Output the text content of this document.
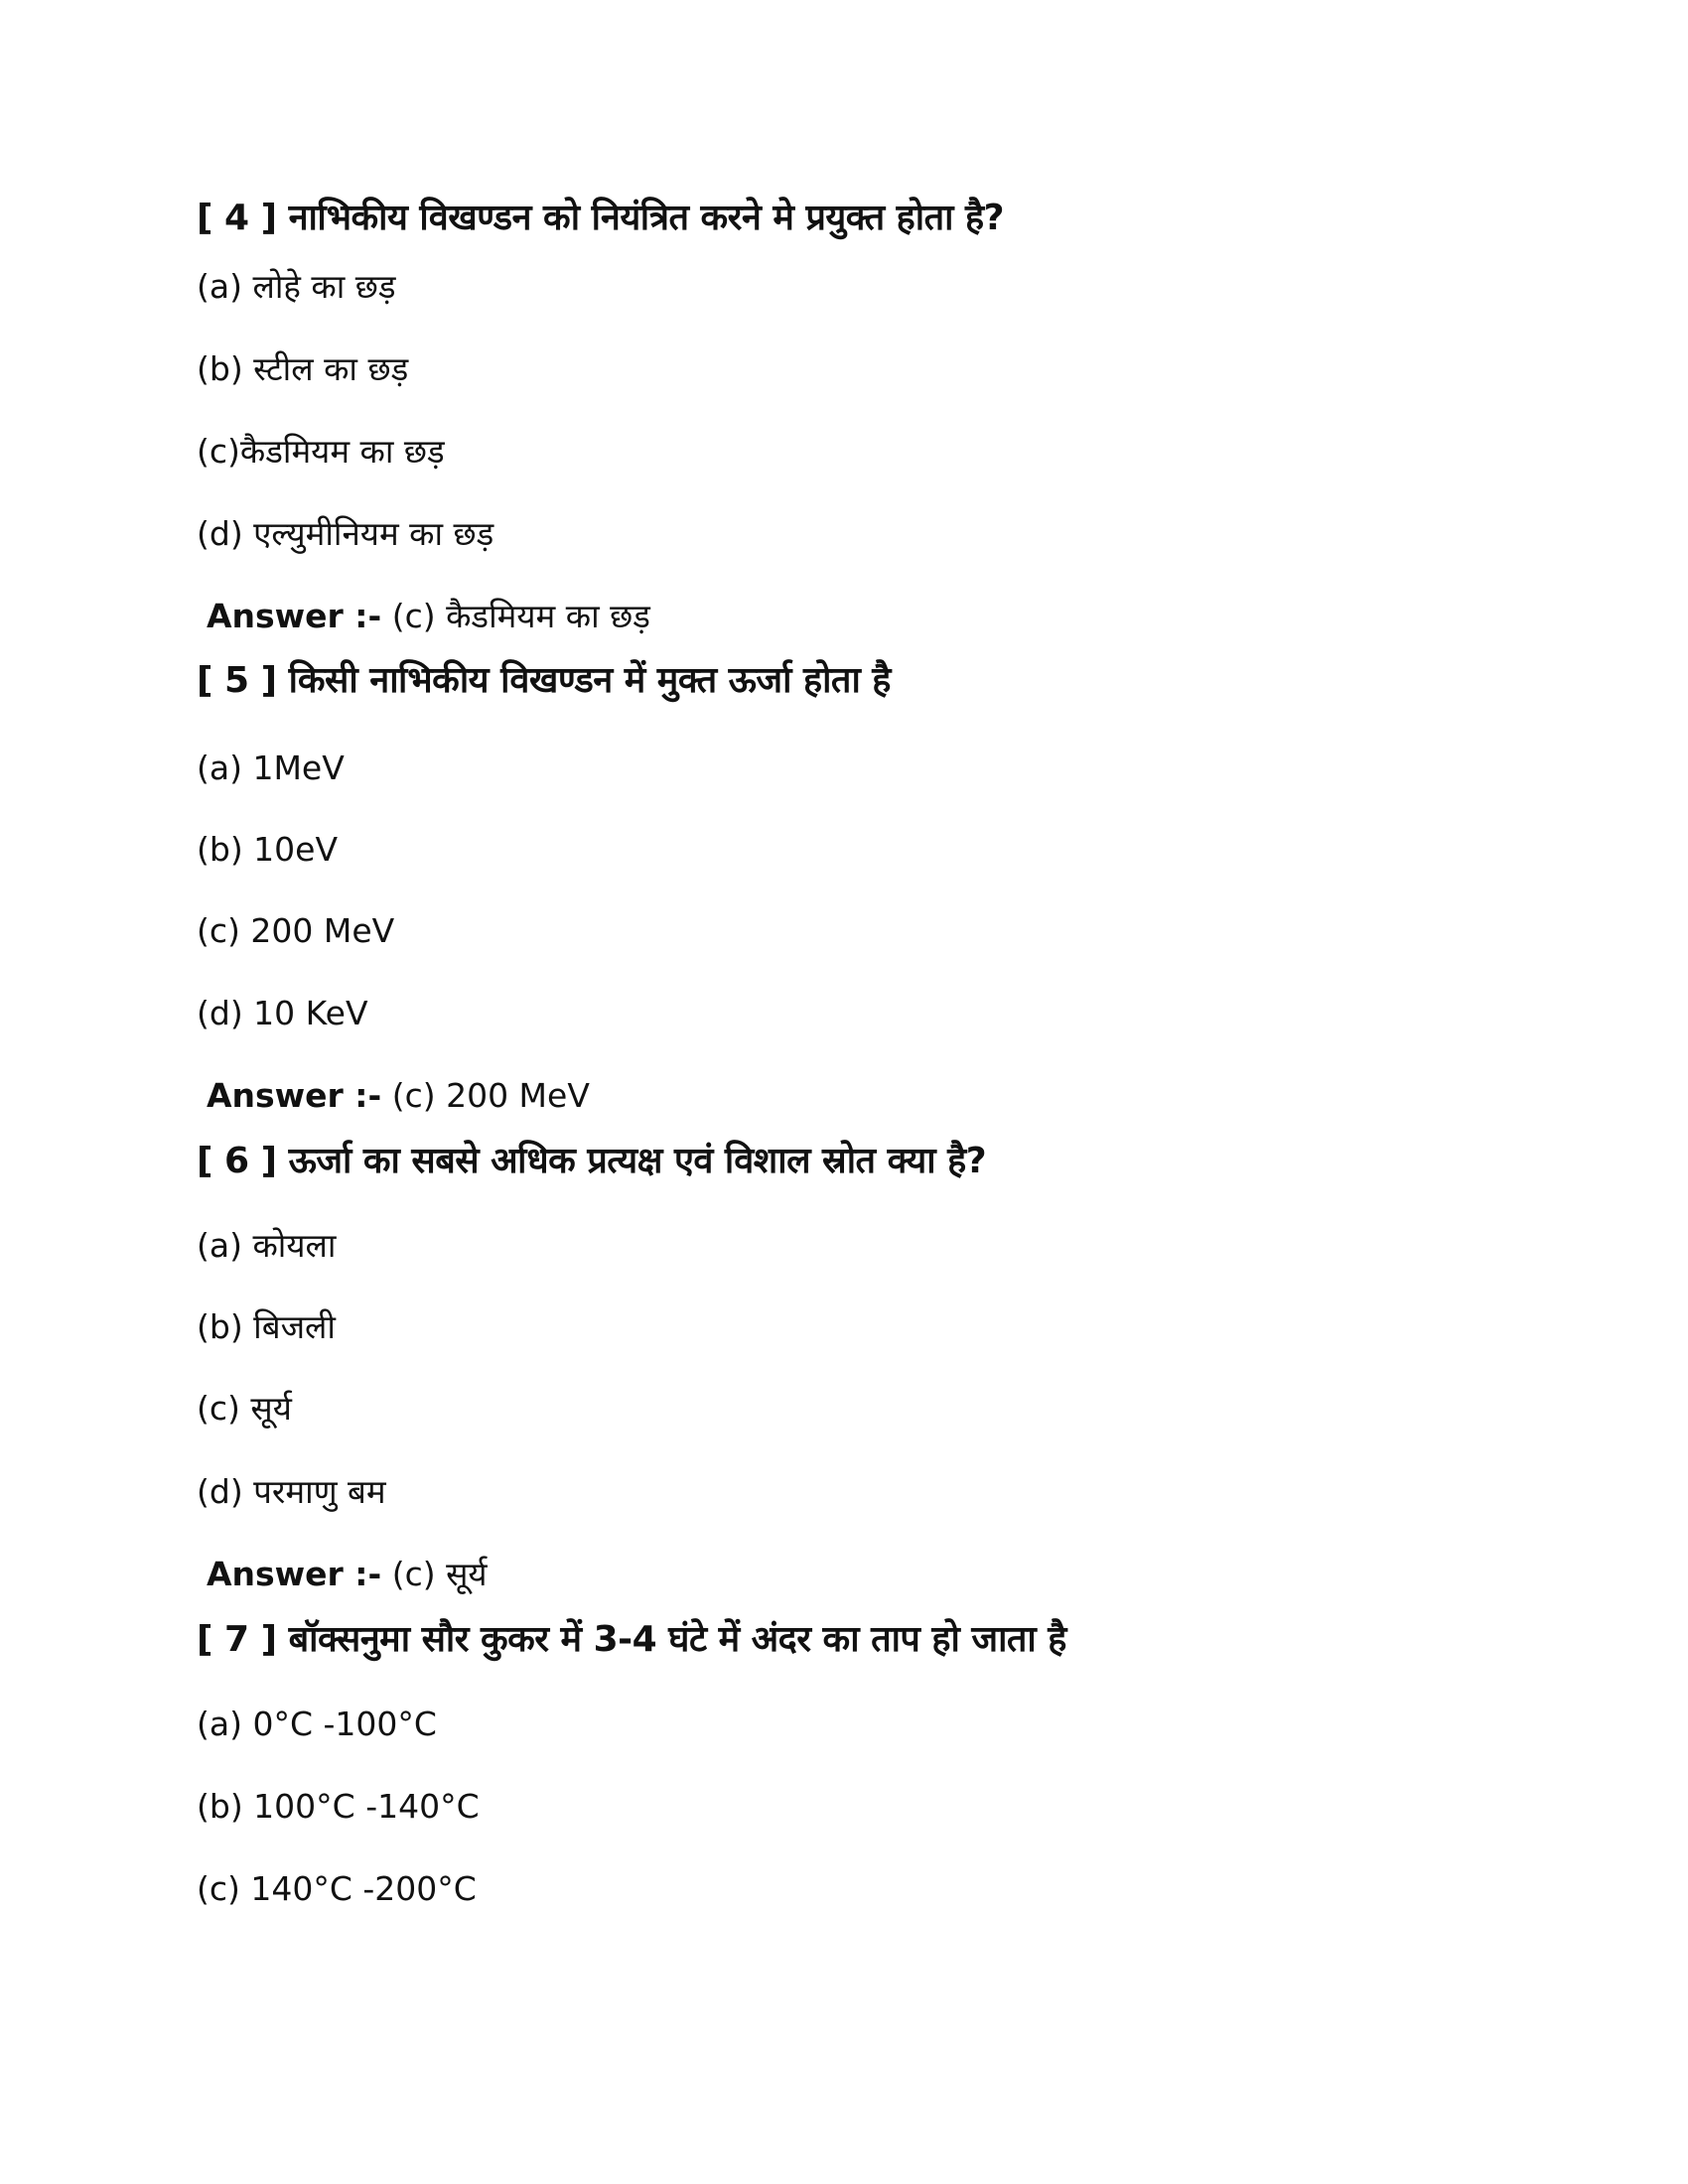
[ 4 ] नाभिकीय विखण्डन को नियंत्रित करने मे प्रयुक्त होता है?
(a) लोहे का छड़
(b) स्टील का छड़
(c)कैडमियम का छड़
(d) एल्युमीनियम का छड़
Answer :- (c) कैडमियम का छड़
[ 5 ] किसी नाभिकीय विखण्डन में मुक्त ऊर्जा होता है
(a) 1MeV
(b) 10eV
(c) 200 MeV
(d) 10 KeV
Answer :- (c) 200 MeV
[ 6 ] ऊर्जा का सबसे अधिक प्रत्यक्ष एवं विशाल स्रोत क्या है?
(a) कोयला
(b) बिजली
(c) सूर्य
(d) परमाणु बम
Answer :- (c) सूर्य
[ 7 ] बॉक्सनुमा सौर कुकर में 3-4 घंटे में अंदर का ताप हो जाता है
(a) 0°C -100°C
(b) 100°C -140°C
(c) 140°C -200°C
